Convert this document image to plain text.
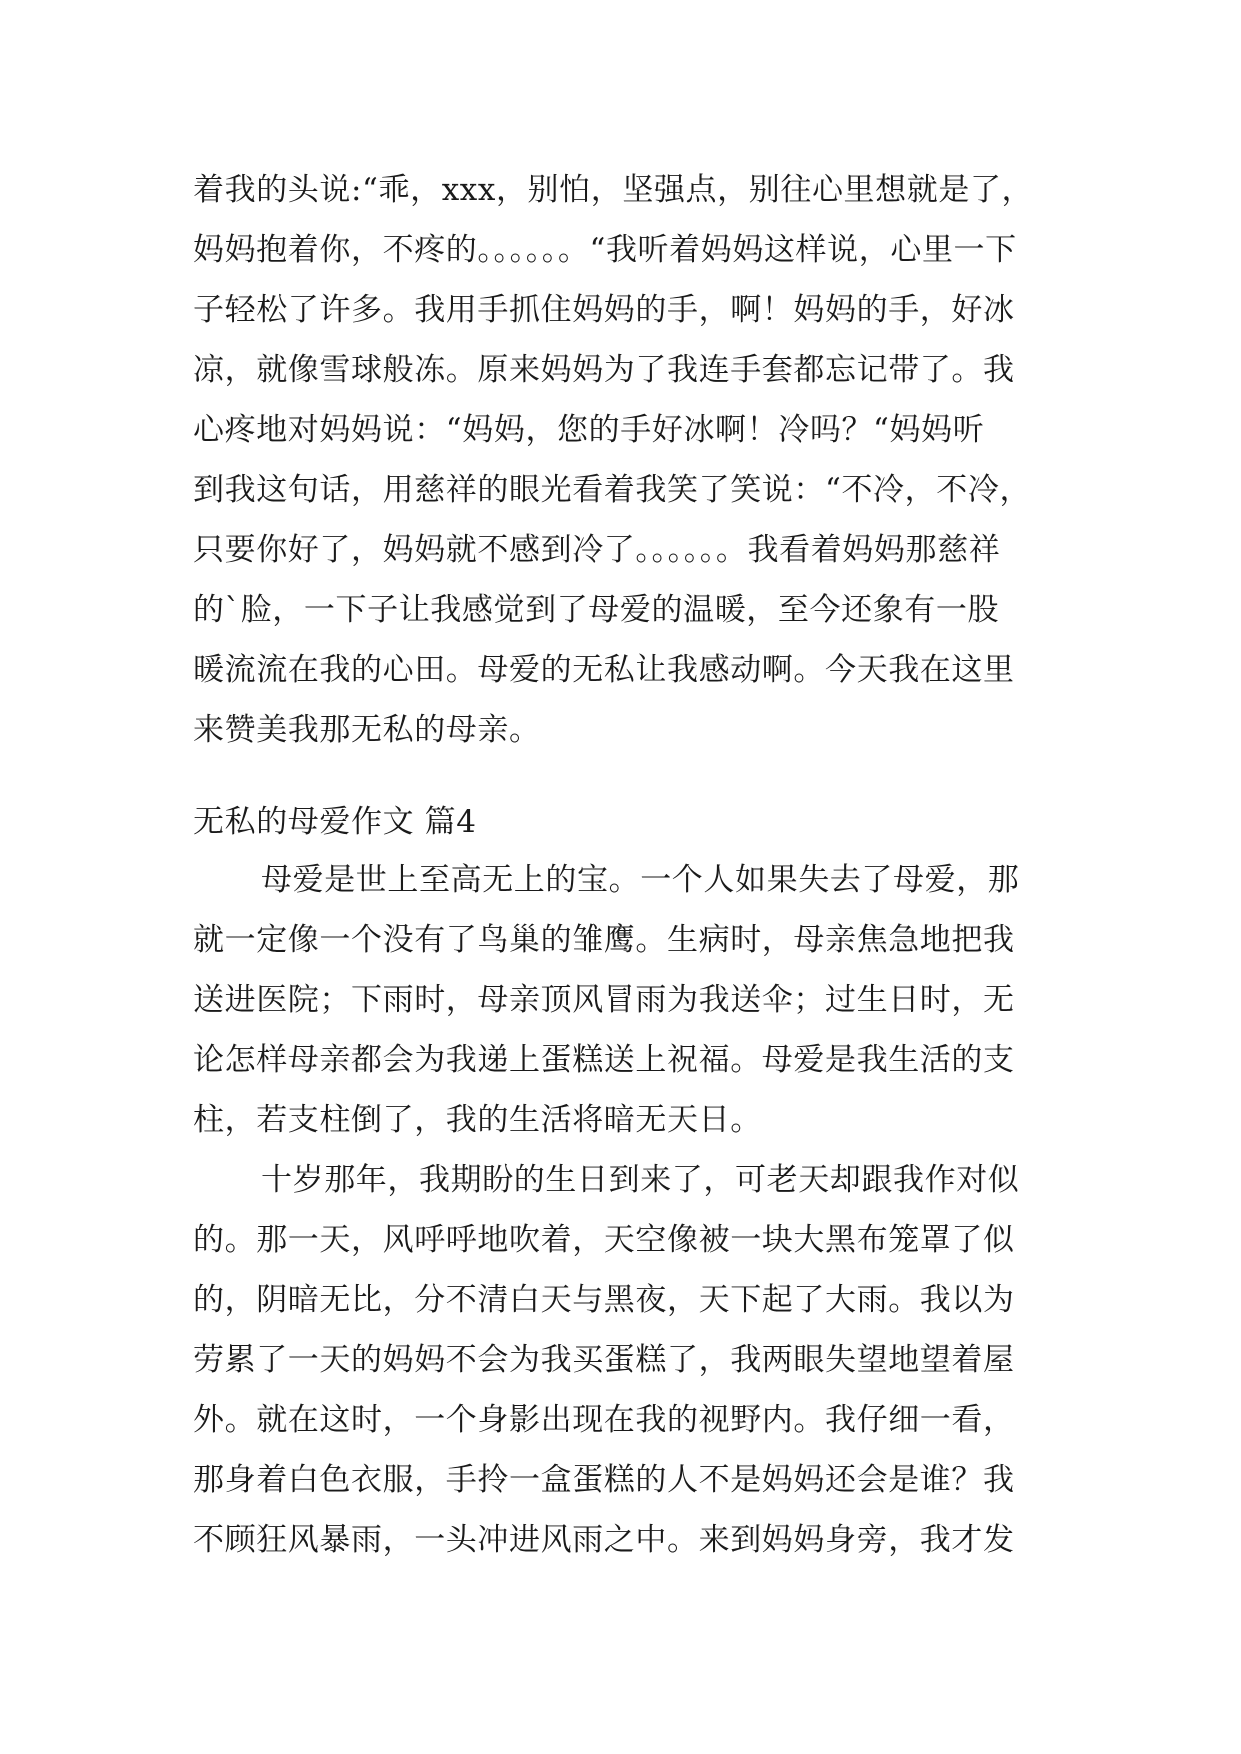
着我的头说:“乖，xxx，别怕，坚强点，别往心里想就是了，
妈妈抱着你，不疼的。。。。。。“我听着妈妈这样说，心里一下
子轻松了许多。我用手抓住妈妈的手，啊！妈妈的手，好冰
凉，就像雪球般冻。原来妈妈为了我连手套都忘记带了。我
心疼地对妈妈说：“妈妈，您的手好冰啊！冷吗？“妈妈听
到我这句话，用慈祥的眼光看着我笑了笑说：“不冷，不冷，
只要你好了，妈妈就不感到冷了。。。。。。我看着妈妈那慈祥
的`脸，一下子让我感觉到了母爱的温暖，至今还象有一股
暖流流在我的心田。母爱的无私让我感动啊。今天我在这里
来赞美我那无私的母亲。
无私的母爱作文 篇4
母爱是世上至高无上的宝。一个人如果失去了母爱，那
就一定像一个没有了鸟巢的雏鹰。生病时，母亲焦急地把我
送进医院；下雨时，母亲顶风冒雨为我送伞；过生日时，无
论怎样母亲都会为我递上蛋糕送上祝福。母爱是我生活的支
柱，若支柱倒了，我的生活将暗无天日。
十岁那年，我期盼的生日到来了，可老天却跟我作对似
的。那一天，风呼呼地吹着，天空像被一块大黑布笼罩了似
的，阴暗无比，分不清白天与黑夜，天下起了大雨。我以为
劳累了一天的妈妈不会为我买蛋糕了，我两眼失望地望着屋
外。就在这时，一个身影出现在我的视野内。我仔细一看，
那身着白色衣服，手拎一盒蛋糕的人不是妈妈还会是谁？我
不顾狂风暴雨，一头冲进风雨之中。来到妈妈身旁，我才发
